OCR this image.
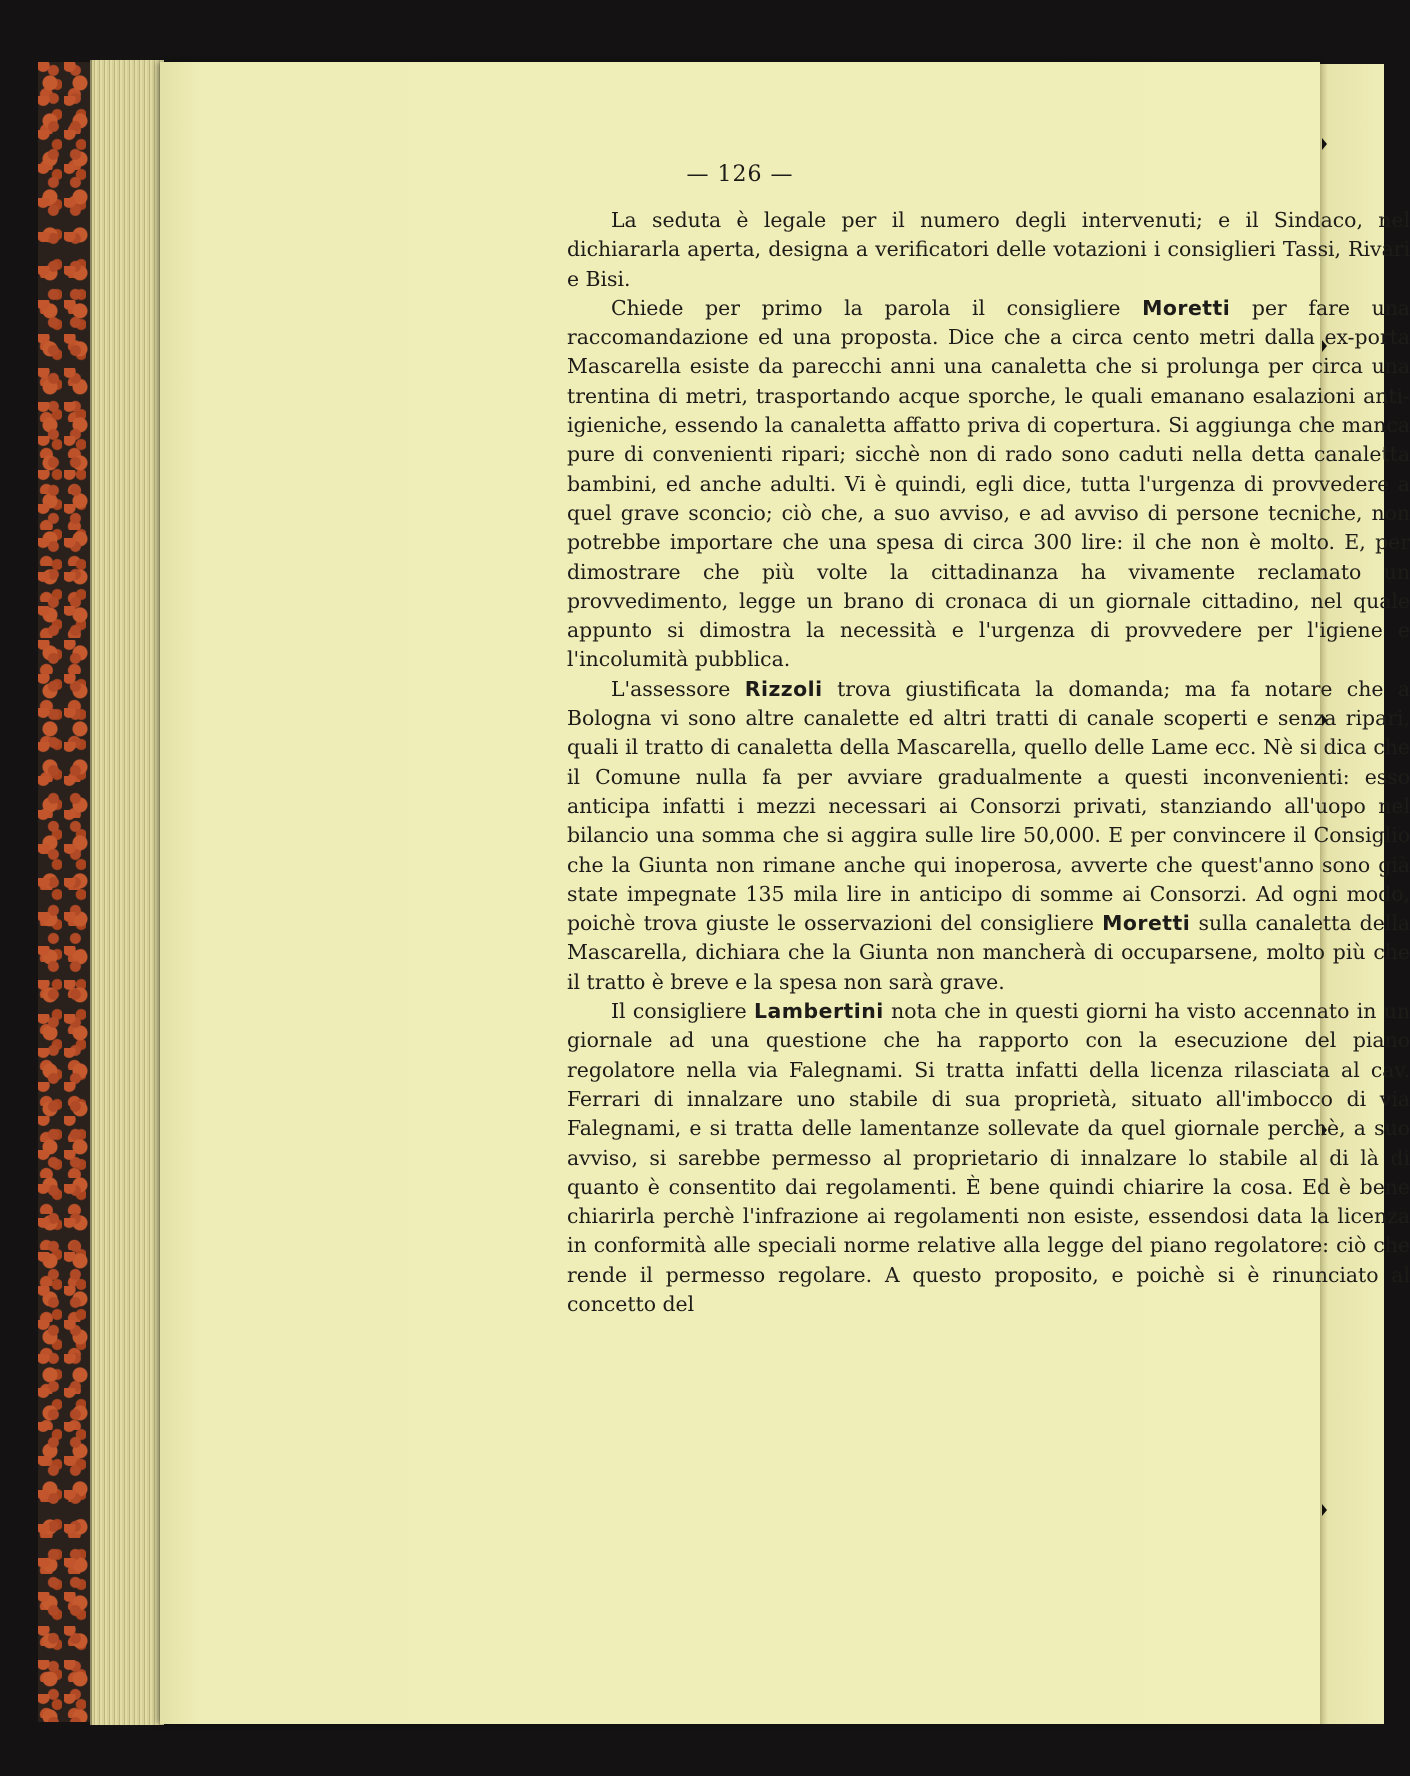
— 126 —

La seduta è legale per il numero degli intervenuti; e il Sindaco, nel dichiararla aperta, designa a verificatori delle votazioni i consiglieri Tassi, Rivari e Bisi.

Chiede per primo la parola il consigliere Moretti per fare una raccomandazione ed una proposta. Dice che a circa cento metri dalla ex-porta Mascarella esiste da parecchi anni una canaletta che si prolunga per circa una trentina di metri, trasportando acque sporche, le quali emanano esalazioni anti-igieniche, essendo la canaletta affatto priva di copertura. Si aggiunga che manca pure di convenienti ripari; sicchè non di rado sono caduti nella detta canaletta bambini, ed anche adulti. Vi è quindi, egli dice, tutta l'urgenza di provvedere a quel grave sconcio; ciò che, a suo avviso, e ad avviso di persone tecniche, non potrebbe importare che una spesa di circa 300 lire: il che non è molto. E, per dimostrare che più volte la cittadinanza ha vivamente reclamato un provvedimento, legge un brano di cronaca di un giornale cittadino, nel quale appunto si dimostra la necessità e l'urgenza di provvedere per l'igiene e l'incolumità pubblica.

L'assessore Rizzoli trova giustificata la domanda; ma fa notare che a Bologna vi sono altre canalette ed altri tratti di canale scoperti e senza ripari, quali il tratto di canaletta della Mascarella, quello delle Lame ecc. Nè si dica che il Comune nulla fa per avviare gradualmente a questi inconvenienti: esso anticipa infatti i mezzi necessari ai Consorzi privati, stanziando all'uopo nel bilancio una somma che si aggira sulle lire 50,000. E per convincere il Consiglio che la Giunta non rimane anche qui inoperosa, avverte che quest'anno sono già state impegnate 135 mila lire in anticipo di somme ai Consorzi. Ad ogni modo, poichè trova giuste le osservazioni del consigliere Moretti sulla canaletta della Mascarella, dichiara che la Giunta non mancherà di occuparsene, molto più che il tratto è breve e la spesa non sarà grave.

Il consigliere Lambertini nota che in questi giorni ha visto accennato in un giornale ad una questione che ha rapporto con la esecuzione del piano regolatore nella via Falegnami. Si tratta infatti della licenza rilasciata al cav. Ferrari di innalzare uno stabile di sua proprietà, situato all'imbocco di via Falegnami, e si tratta delle lamentanze sollevate da quel giornale perchè, a suo avviso, si sarebbe permesso al proprietario di innalzare lo stabile al di là di quanto è consentito dai regolamenti. È bene quindi chiarire la cosa. Ed è bene chiarirla perchè l'infrazione ai regolamenti non esiste, essendosi data la licenza in conformità alle speciali norme relative alla legge del piano regolatore: ciò che rende il permesso regolare. A questo proposito, e poichè si è rinunciato al concetto del
